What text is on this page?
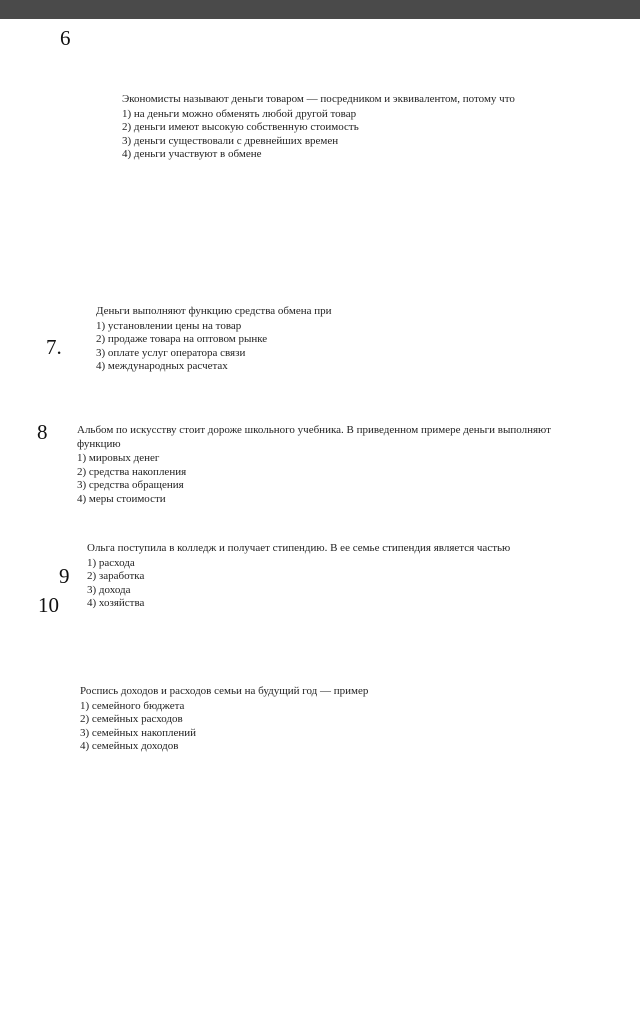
6
7.
8
9
10
Экономисты называют деньги товаром — посредником и эквивалентом, потому что
1) на деньги можно обменять любой другой товар
2) деньги имеют высокую собственную стоимость
3) деньги существовали с древнейших времен
4) деньги участвуют в обмене
Деньги выполняют функцию средства обмена при
1) установлении цены на товар
2) продаже товара на оптовом рынке
3) оплате услуг оператора связи
4) международных расчетах
Альбом по искусству стоит дороже школьного учебника. В приведенном примере деньги выполняют функцию
1) мировых денег
2) средства накопления
3) средства обращения
4) меры стоимости
Ольга поступила в колледж и получает стипендию. В ее семье стипендия является частью
1) расхода
2) заработка
3) дохода
4) хозяйства
Роспись доходов и расходов семьи на будущий год — пример
1) семейного бюджета
2) семейных расходов
3) семейных накоплений
4) семейных доходов
